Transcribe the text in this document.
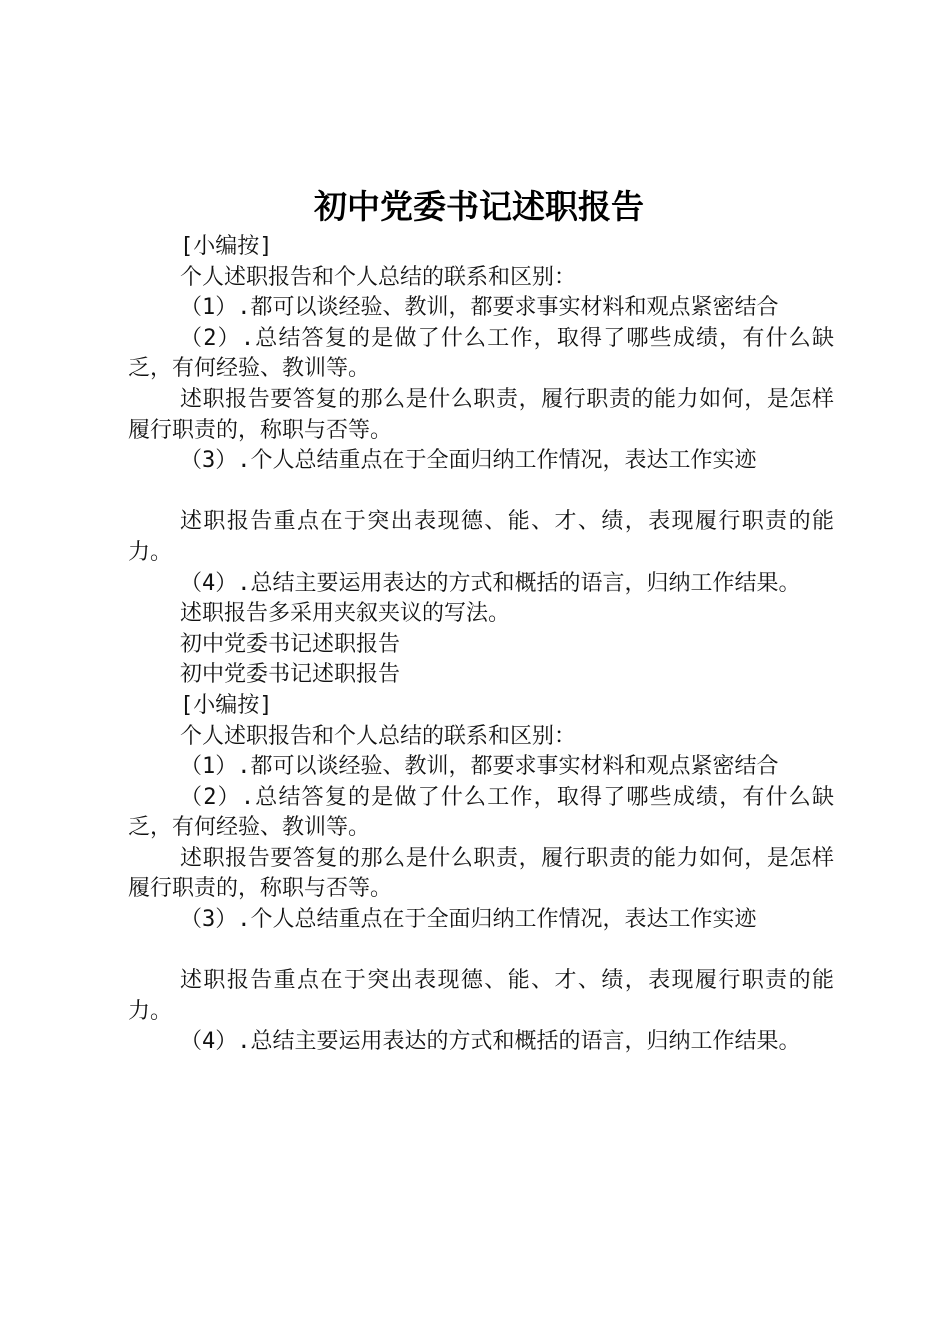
初中党委书记述职报告

[小编按]

个人述职报告和个人总结的联系和区别：

（1）.都可以谈经验、教训，都要求事实材料和观点紧密结合

（2）.总结答复的是做了什么工作，取得了哪些成绩，有什么缺乏，有何经验、教训等。

述职报告要答复的那么是什么职责，履行职责的能力如何，是怎样履行职责的，称职与否等。

（3）.个人总结重点在于全面归纳工作情况，表达工作实迹

述职报告重点在于突出表现德、能、才、绩，表现履行职责的能力。

（4）.总结主要运用表达的方式和概括的语言，归纳工作结果。

述职报告多采用夹叙夹议的写法。

初中党委书记述职报告

初中党委书记述职报告

[小编按]

个人述职报告和个人总结的联系和区别：

（1）.都可以谈经验、教训，都要求事实材料和观点紧密结合

（2）.总结答复的是做了什么工作，取得了哪些成绩，有什么缺乏，有何经验、教训等。

述职报告要答复的那么是什么职责，履行职责的能力如何，是怎样履行职责的，称职与否等。

（3）.个人总结重点在于全面归纳工作情况，表达工作实迹

述职报告重点在于突出表现德、能、才、绩，表现履行职责的能力。

（4）.总结主要运用表达的方式和概括的语言，归纳工作结果。
